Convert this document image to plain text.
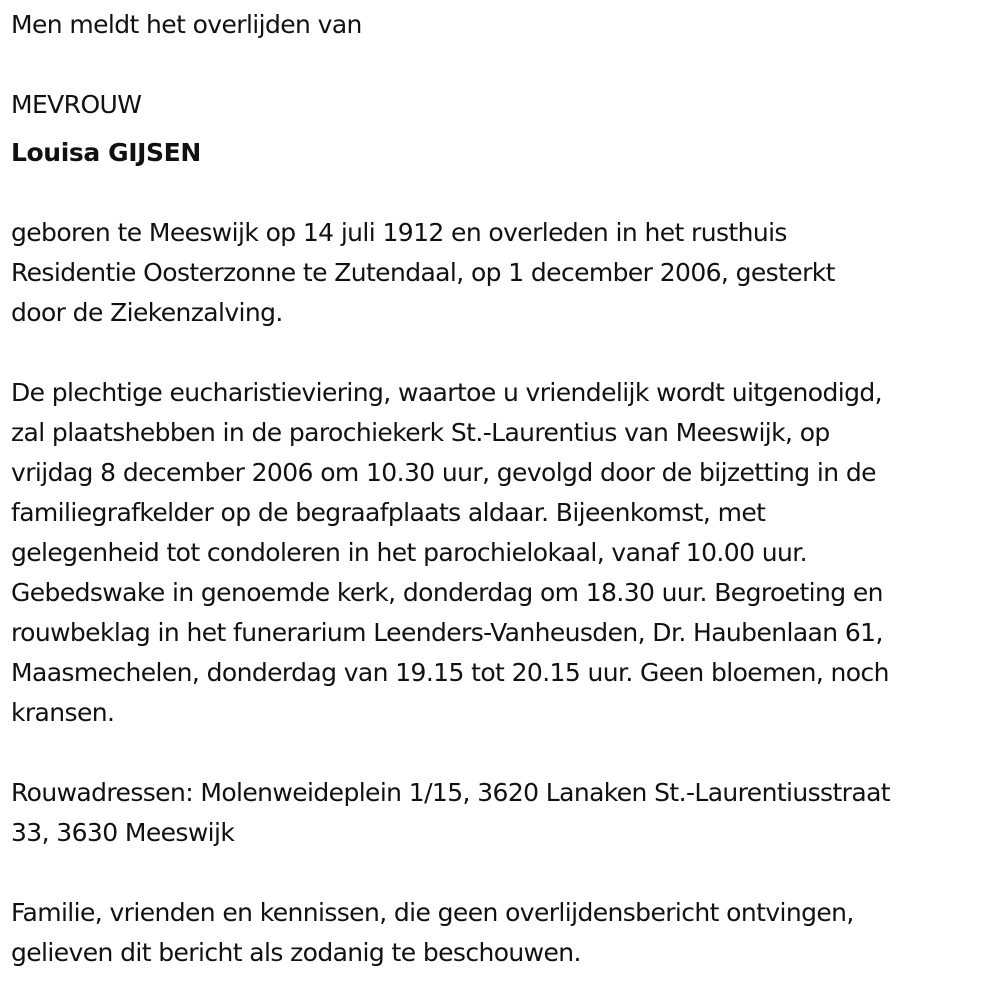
Men meldt het overlijden van
MEVROUW
Louisa GIJSEN
geboren te Meeswijk op 14 juli 1912 en overleden in het rusthuis
Residentie Oosterzonne te Zutendaal, op 1 december 2006, gesterkt
door de Ziekenzalving.
De plechtige eucharistieviering, waartoe u vriendelijk wordt uitgenodigd,
zal plaatshebben in de parochiekerk St.-Laurentius van Meeswijk, op
vrijdag 8 december 2006 om 10.30 uur, gevolgd door de bijzetting in de
familiegrafkelder op de begraafplaats aldaar. Bijeenkomst, met
gelegenheid tot condoleren in het parochielokaal, vanaf 10.00 uur.
Gebedswake in genoemde kerk, donderdag om 18.30 uur. Begroeting en
rouwbeklag in het funerarium Leenders-Vanheusden, Dr. Haubenlaan 61,
Maasmechelen, donderdag van 19.15 tot 20.15 uur. Geen bloemen, noch
kransen.
Rouwadressen: Molenweideplein 1/15, 3620 Lanaken St.-Laurentiusstraat
33, 3630 Meeswijk
Familie, vrienden en kennissen, die geen overlijdensbericht ontvingen,
gelieven dit bericht als zodanig te beschouwen.
